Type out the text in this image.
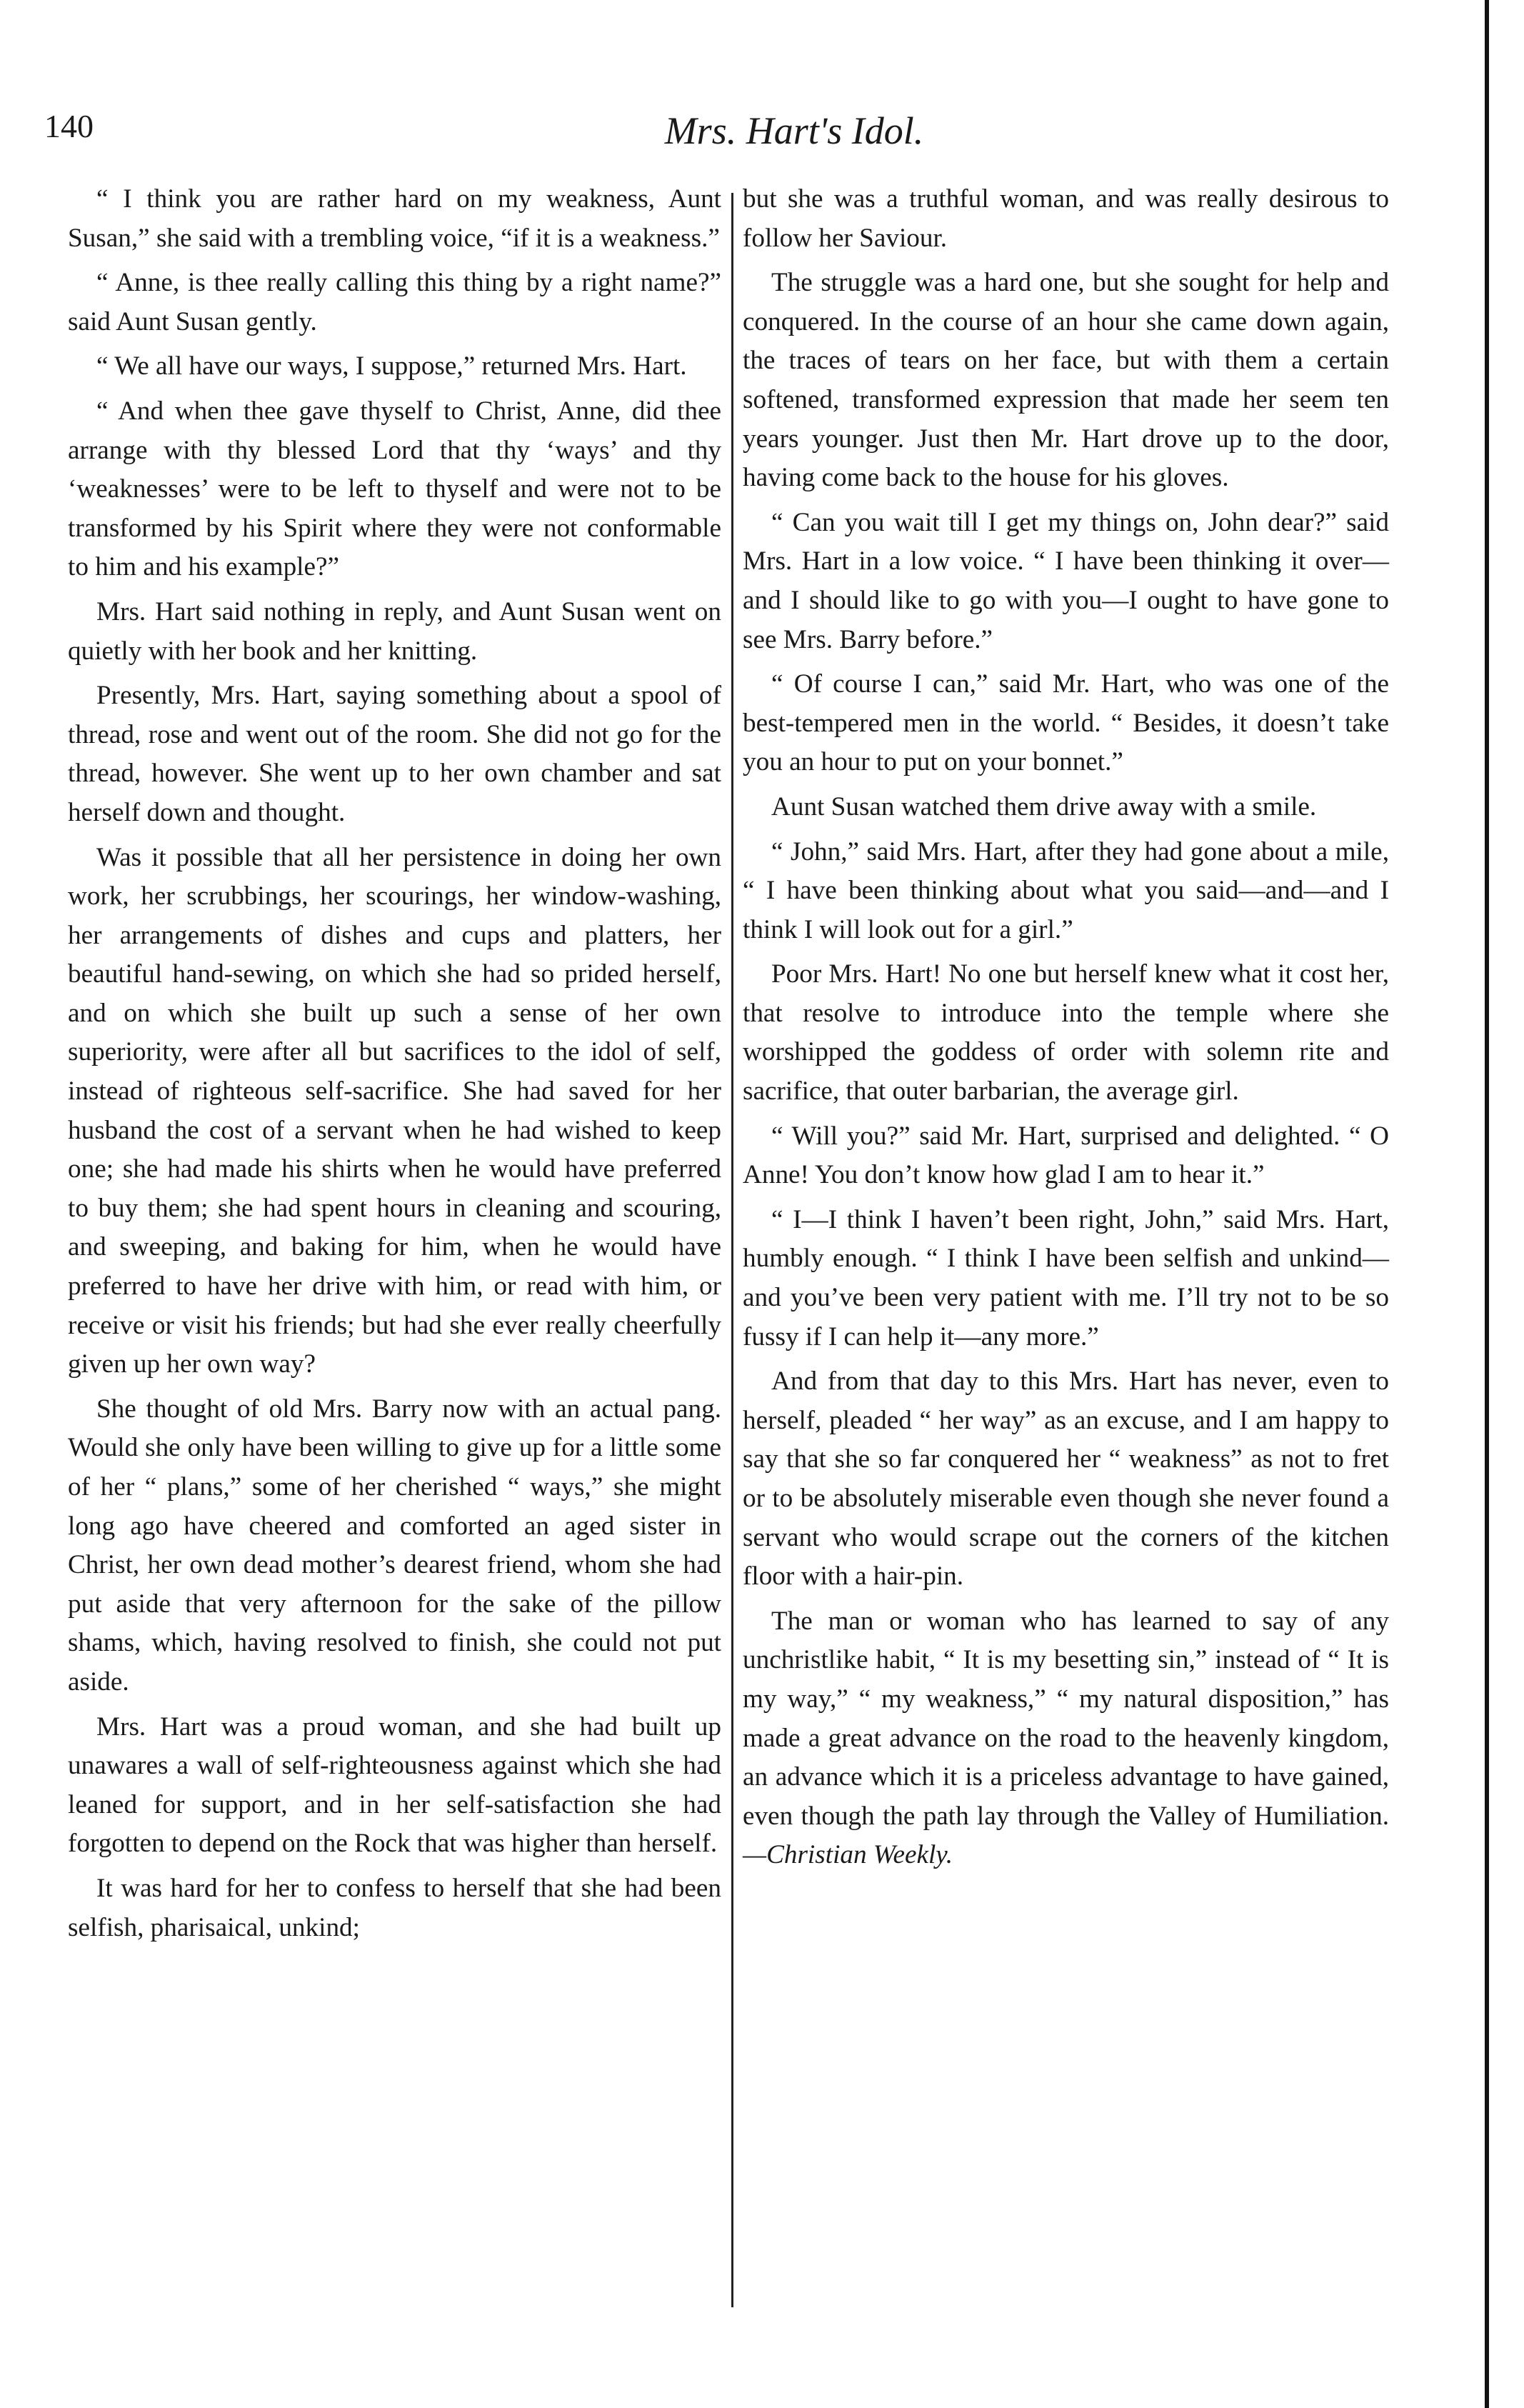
140	Mrs. Hart's Idol.

“ I think you are rather hard on my weakness, Aunt Susan,” she said with a trembling voice, “if it is a weakness.”

“ Anne, is thee really calling this thing by a right name?” said Aunt Susan gently.

“ We all have our ways, I suppose,” returned Mrs. Hart.

“ And when thee gave thyself to Christ, Anne, did thee arrange with thy blessed Lord that thy ‘ways’ and thy ‘weaknesses’ were to be left to thyself and were not to be transformed by his Spirit where they were not conformable to him and his example?”

Mrs. Hart said nothing in reply, and Aunt Susan went on quietly with her book and her knitting.

Presently, Mrs. Hart, saying something about a spool of thread, rose and went out of the room. She did not go for the thread, however. She went up to her own chamber and sat herself down and thought.

Was it possible that all her persistence in doing her own work, her scrubbings, her scourings, her window-washing, her arrangements of dishes and cups and platters, her beautiful hand-sewing, on which she had so prided herself, and on which she built up such a sense of her own superiority, were after all but sacrifices to the idol of self, instead of righteous self-sacrifice. She had saved for her husband the cost of a servant when he had wished to keep one; she had made his shirts when he would have preferred to buy them; she had spent hours in cleaning and scouring, and sweeping, and baking for him, when he would have preferred to have her drive with him, or read with him, or receive or visit his friends; but had she ever really cheerfully given up her own way?

She thought of old Mrs. Barry now with an actual pang. Would she only have been willing to give up for a little some of her “ plans,” some of her cherished “ ways,” she might long ago have cheered and comforted an aged sister in Christ, her own dead mother’s dearest friend, whom she had put aside that very afternoon for the sake of the pillow shams, which, having resolved to finish, she could not put aside.

Mrs. Hart was a proud woman, and she had built up unawares a wall of self-righteousness against which she had leaned for support, and in her self-satisfaction she had forgotten to depend on the Rock that was higher than herself.

It was hard for her to confess to herself that she had been selfish, pharisaical, unkind;

but she was a truthful woman, and was really desirous to follow her Saviour.

The struggle was a hard one, but she sought for help and conquered. In the course of an hour she came down again, the traces of tears on her face, but with them a certain softened, transformed expression that made her seem ten years younger. Just then Mr. Hart drove up to the door, having come back to the house for his gloves.

“ Can you wait till I get my things on, John dear?” said Mrs. Hart in a low voice. “ I have been thinking it over—and I should like to go with you—I ought to have gone to see Mrs. Barry before.”

“ Of course I can,” said Mr. Hart, who was one of the best-tempered men in the world. “ Besides, it doesn’t take you an hour to put on your bonnet.”

Aunt Susan watched them drive away with a smile.

“ John,” said Mrs. Hart, after they had gone about a mile, “ I have been thinking about what you said—and—and I think I will look out for a girl.”

Poor Mrs. Hart! No one but herself knew what it cost her, that resolve to introduce into the temple where she worshipped the goddess of order with solemn rite and sacrifice, that outer barbarian, the average girl.

“ Will you?” said Mr. Hart, surprised and delighted. “ O Anne! You don’t know how glad I am to hear it.”

“ I—I think I haven’t been right, John,” said Mrs. Hart, humbly enough. “ I think I have been selfish and unkind—and you’ve been very patient with me. I’ll try not to be so fussy if I can help it—any more.”

And from that day to this Mrs. Hart has never, even to herself, pleaded “ her way” as an excuse, and I am happy to say that she so far conquered her “ weakness” as not to fret or to be absolutely miserable even though she never found a servant who would scrape out the corners of the kitchen floor with a hair-pin.

The man or woman who has learned to say of any unchristlike habit, “ It is my besetting sin,” instead of “ It is my way,” “ my weakness,” “ my natural disposition,” has made a great advance on the road to the heavenly kingdom, an advance which it is a priceless advantage to have gained, even though the path lay through the Valley of Humiliation.—Christian Weekly.
